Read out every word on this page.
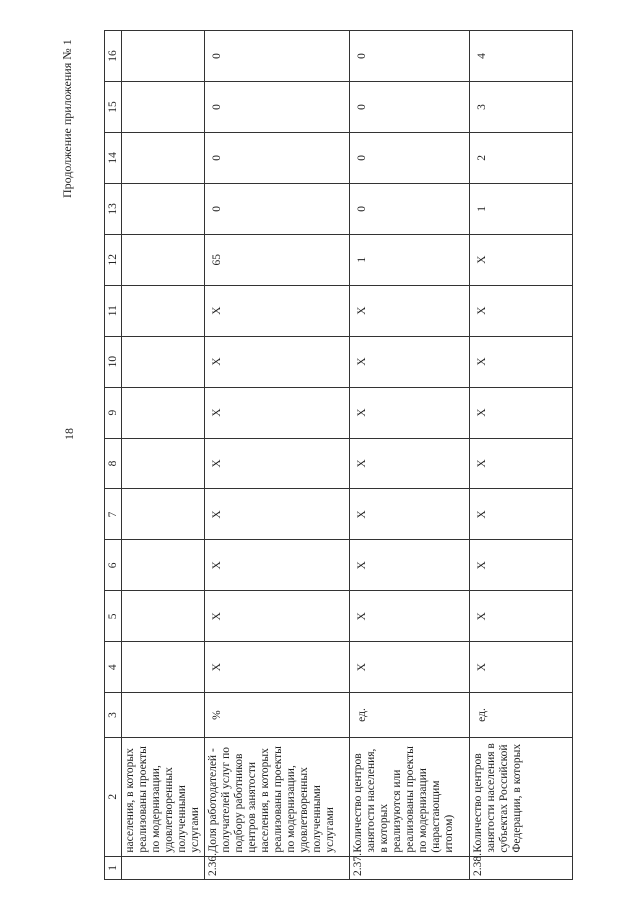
18
Продолжение приложения № 1
1	2	3	4	5	6	7	8	9	10	11	12	13	14	15	16
	населения, в которых реализованы проекты по модернизации, удовлетворенных полученными услугами														
2.36.	Доля работодателей - получателей услуг по подбору работников центров занятости населения, в которых реализованы проекты по модернизации, удовлетворенных полученными услугами	%	X	X	X	X	X	X	X	X	65	0	0	0	0
2.37.	Количество центров занятости населения, в которых реализуются или реализованы проекты по модернизации (нарастающим итогом)	ед.	X	X	X	X	X	X	X	X	1	0	0	0	0
2.38.	Количество центров занятости населения в субъектах Российской Федерации, в которых	ед.	X	X	X	X	X	X	X	X	X	1	2	3	4
